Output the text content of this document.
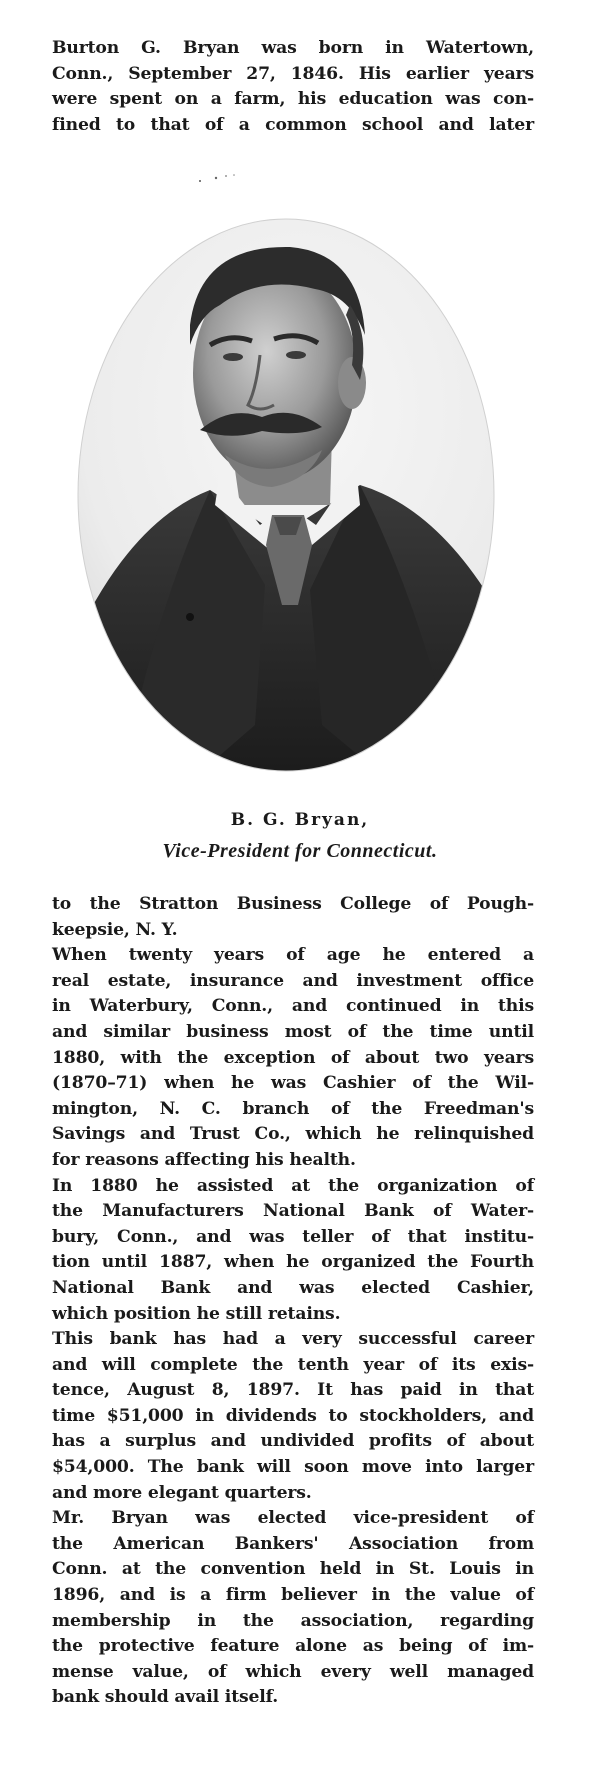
Burton G. Bryan was born in Watertown,
Conn., September 27, 1846. His earlier years
were spent on a farm, his education was con-
fined to that of a common school and later

B. G. Bryan,

Vice-President for Connecticut.

to the Stratton Business College of Pough-
keepsie, N. Y.
When twenty years of age he entered a
real estate, insurance and investment office
in Waterbury, Conn., and continued in this
and similar business most of the time until
1880, with the exception of about two years
(1870–71) when he was Cashier of the Wil-
mington, N. C. branch of the Freedman's
Savings and Trust Co., which he relinquished
for reasons affecting his health.
In 1880 he assisted at the organization of
the Manufacturers National Bank of Water-
bury, Conn., and was teller of that institu-
tion until 1887, when he organized the Fourth
National Bank and was elected Cashier,
which position he still retains.
This bank has had a very successful career
and will complete the tenth year of its exis-
tence, August 8, 1897. It has paid in that
time $51,000 in dividends to stockholders, and
has a surplus and undivided profits of about
$54,000. The bank will soon move into larger
and more elegant quarters.
Mr. Bryan was elected vice-president of
the American Bankers' Association from
Conn. at the convention held in St. Louis in
1896, and is a firm believer in the value of
membership in the association, regarding
the protective feature alone as being of im-
mense value, of which every well managed
bank should avail itself.
